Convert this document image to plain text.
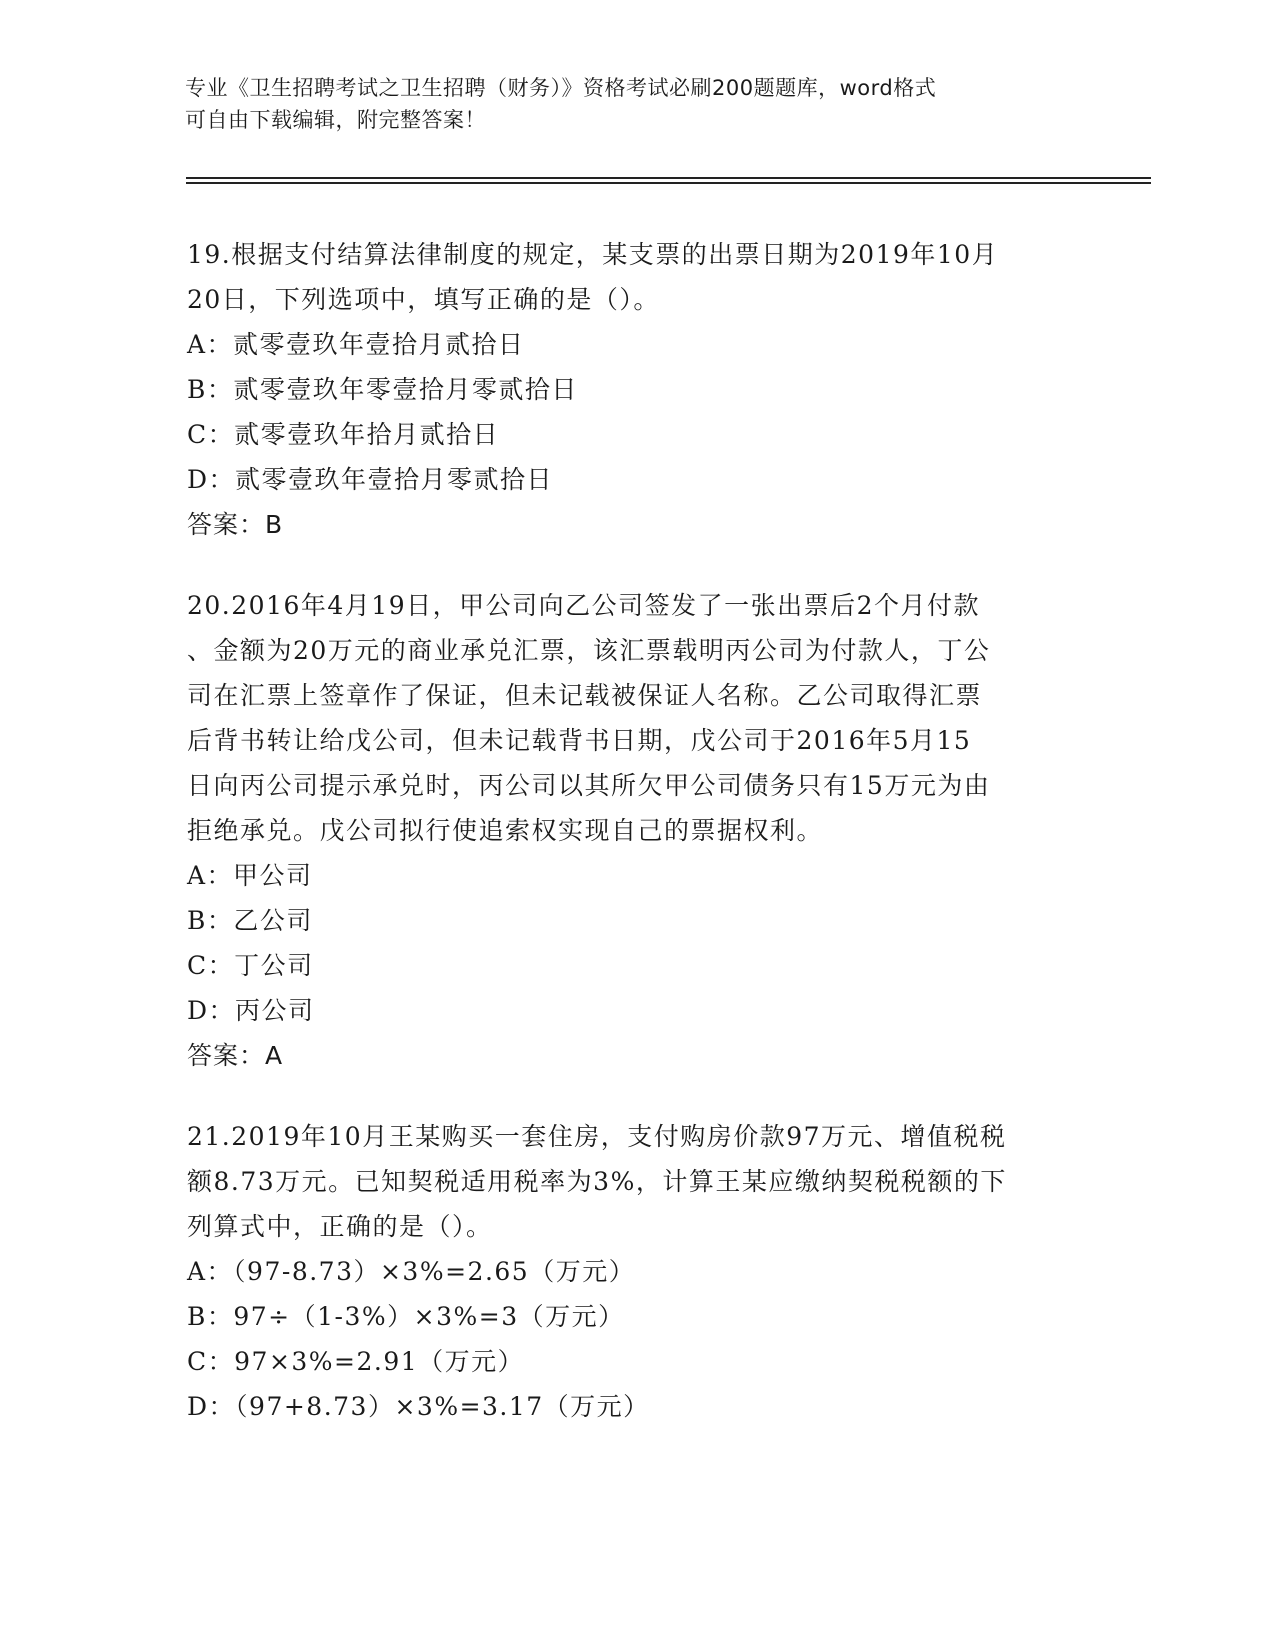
专业《卫生招聘考试之卫生招聘（财务）》资格考试必刷200题题库，word格式
可自由下载编辑，附完整答案！
19.根据支付结算法律制度的规定，某支票的出票日期为2019年10月
20日，下列选项中，填写正确的是（）。
A：贰零壹玖年壹拾月贰拾日
B：贰零壹玖年零壹拾月零贰拾日
C：贰零壹玖年拾月贰拾日
D：贰零壹玖年壹拾月零贰拾日
答案：B
20.2016年4月19日，甲公司向乙公司签发了一张出票后2个月付款
、金额为20万元的商业承兑汇票，该汇票载明丙公司为付款人，丁公
司在汇票上签章作了保证，但未记载被保证人名称。乙公司取得汇票
后背书转让给戊公司，但未记载背书日期，戊公司于2016年5月15
日向丙公司提示承兑时，丙公司以其所欠甲公司债务只有15万元为由
拒绝承兑。戊公司拟行使追索权实现自己的票据权利。
A：甲公司
B：乙公司
C：丁公司
D：丙公司
答案：A
21.2019年10月王某购买一套住房，支付购房价款97万元、增值税税
额8.73万元。已知契税适用税率为3%，计算王某应缴纳契税税额的下
列算式中，正确的是（）。
A：（97-8.73）×3%=2.65（万元）
B：97÷（1-3%）×3%=3（万元）
C：97×3%=2.91（万元）
D：（97+8.73）×3%=3.17（万元）
